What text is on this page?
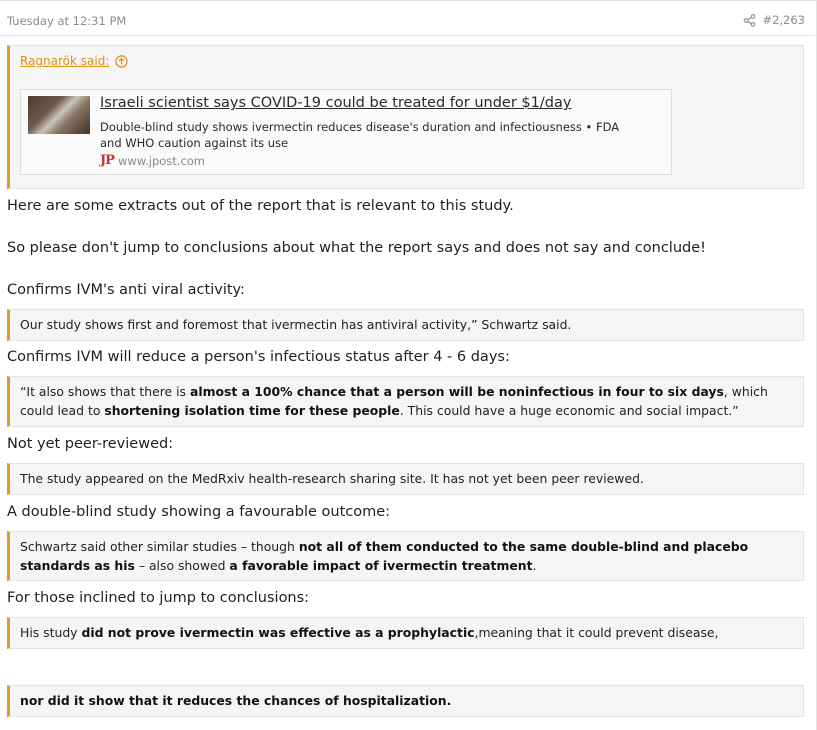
Tuesday at 12:31 PM	#2,263
Ragnarök said:
Israeli scientist says COVID-19 could be treated for under $1/day
Double-blind study shows ivermectin reduces disease's duration and infectiousness • FDA and WHO caution against its use
JP www.jpost.com
Here are some extracts out of the report that is relevant to this study.
So please don't jump to conclusions about what the report says and does not say and conclude!
Confirms IVM's anti viral activity:
Our study shows first and foremost that ivermectin has antiviral activity,” Schwartz said.
Confirms IVM will reduce a person's infectious status after 4 - 6 days:
“It also shows that there is almost a 100% chance that a person will be noninfectious in four to six days, which could lead to shortening isolation time for these people. This could have a huge economic and social impact.”
Not yet peer-reviewed:
The study appeared on the MedRxiv health-research sharing site. It has not yet been peer reviewed.
A double-blind study showing a favourable outcome:
Schwartz said other similar studies – though not all of them conducted to the same double-blind and placebo standards as his – also showed a favorable impact of ivermectin treatment.
For those inclined to jump to conclusions:
His study did not prove ivermectin was effective as a prophylactic,meaning that it could prevent disease,
nor did it show that it reduces the chances of hospitalization.
